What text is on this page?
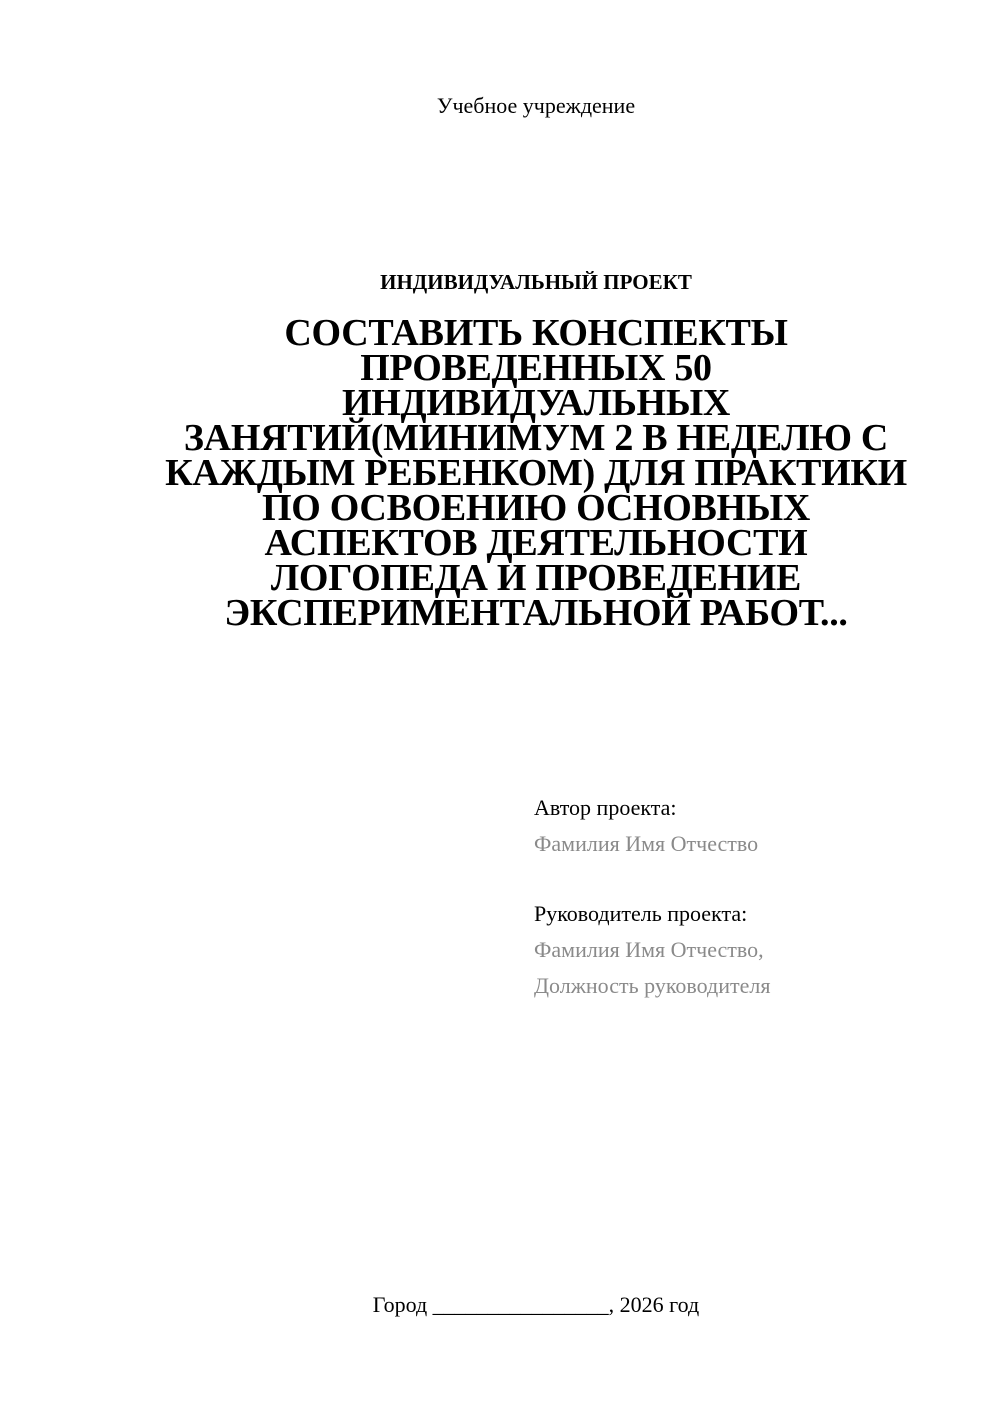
Учебное учреждение
ИНДИВИДУАЛЬНЫЙ ПРОЕКТ
СОСТАВИТЬ КОНСПЕКТЫ
ПРОВЕДЕННЫХ 50
ИНДИВИДУАЛЬНЫХ
ЗАНЯТИЙ(МИНИМУМ 2 В НЕДЕЛЮ С
КАЖДЫМ РЕБЕНКОМ) ДЛЯ ПРАКТИКИ
ПО ОСВОЕНИЮ ОСНОВНЫХ
АСПЕКТОВ ДЕЯТЕЛЬНОСТИ
ЛОГОПЕДА И ПРОВЕДЕНИЕ
ЭКСПЕРИМЕНТАЛЬНОЙ РАБОТ...
Автор проекта:
Фамилия Имя Отчество
Руководитель проекта:
Фамилия Имя Отчество,
Должность руководителя
Город ________________, 2026 год
